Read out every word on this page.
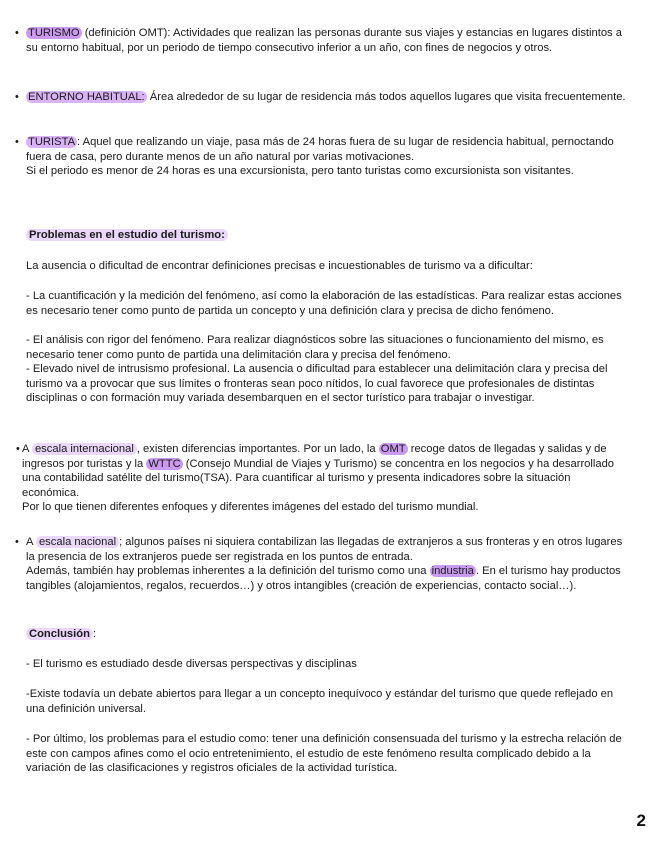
• TURISMO (definición OMT): Actividades que realizan las personas durante sus viajes y estancias en lugares distintos a su entorno habitual, por un periodo de tiempo consecutivo inferior a un año, con fines de negocios y otros.

• ENTORNO HABITUAL: Área alrededor de su lugar de residencia más todos aquellos lugares que visita frecuentemente.

• TURISTA : Aquel que realizando un viaje, pasa más de 24 horas fuera de su lugar de residencia habitual, pernoctando fuera de casa, pero durante menos de un año natural por varias motivaciones.
Si el periodo es menor de 24 horas es una excursionista, pero tanto turistas como excursionista son visitantes.

Problemas en el estudio del turismo:

La ausencia o dificultad de encontrar definiciones precisas e incuestionables de turismo va a dificultar:

- La cuantificación y la medición del fenómeno, así como la elaboración de las estadísticas. Para realizar estas acciones es necesario tener como punto de partida un concepto y una definición clara y precisa de dicho fenómeno.

- El análisis con rigor del fenómeno. Para realizar diagnósticos sobre las situaciones o funcionamiento del mismo, es necesario tener como punto de partida una delimitación clara y precisa del fenómeno.

- Elevado nivel de intrusismo profesional. La ausencia o dificultad para establecer una delimitación clara y precisa del turismo va a provocar que sus límites o fronteras sean poco nítidos, lo cual favorece que profesionales de distintas disciplinas o con formación muy variada desembarquen en el sector turístico para trabajar o investigar.

• A escala internacional , existen diferencias importantes. Por un lado, la OMT recoge datos de llegadas y salidas y de ingresos por turistas y la WTTC (Consejo Mundial de Viajes y Turismo) se concentra en los negocios y ha desarrollado una contabilidad satélite del turismo(TSA). Para cuantificar al turismo y presenta indicadores sobre la situación económica.
Por lo que tienen diferentes enfoques y diferentes imágenes del estado del turismo mundial.

• A escala nacional ; algunos países ni siquiera contabilizan las llegadas de extranjeros a sus fronteras y en otros lugares la presencia de los extranjeros puede ser registrada en los puntos de entrada.
Además, también hay problemas inherentes a la definición del turismo como una industria . En el turismo hay productos tangibles (alojamientos, regalos, recuerdos…) y otros intangibles (creación de experiencias, contacto social…).

Conclusión :

- El turismo es estudiado desde diversas perspectivas y disciplinas

-Existe todavía un debate abiertos para llegar a un concepto inequívoco y estándar del turismo que quede reflejado en una definición universal.

- Por último, los problemas para el estudio como: tener una definición consensuada del turismo y la estrecha relación de este con campos afines como el ocio entretenimiento, el estudio de este fenómeno resulta complicado debido a la variación de las clasificaciones y registros oficiales de la actividad turística.

2
